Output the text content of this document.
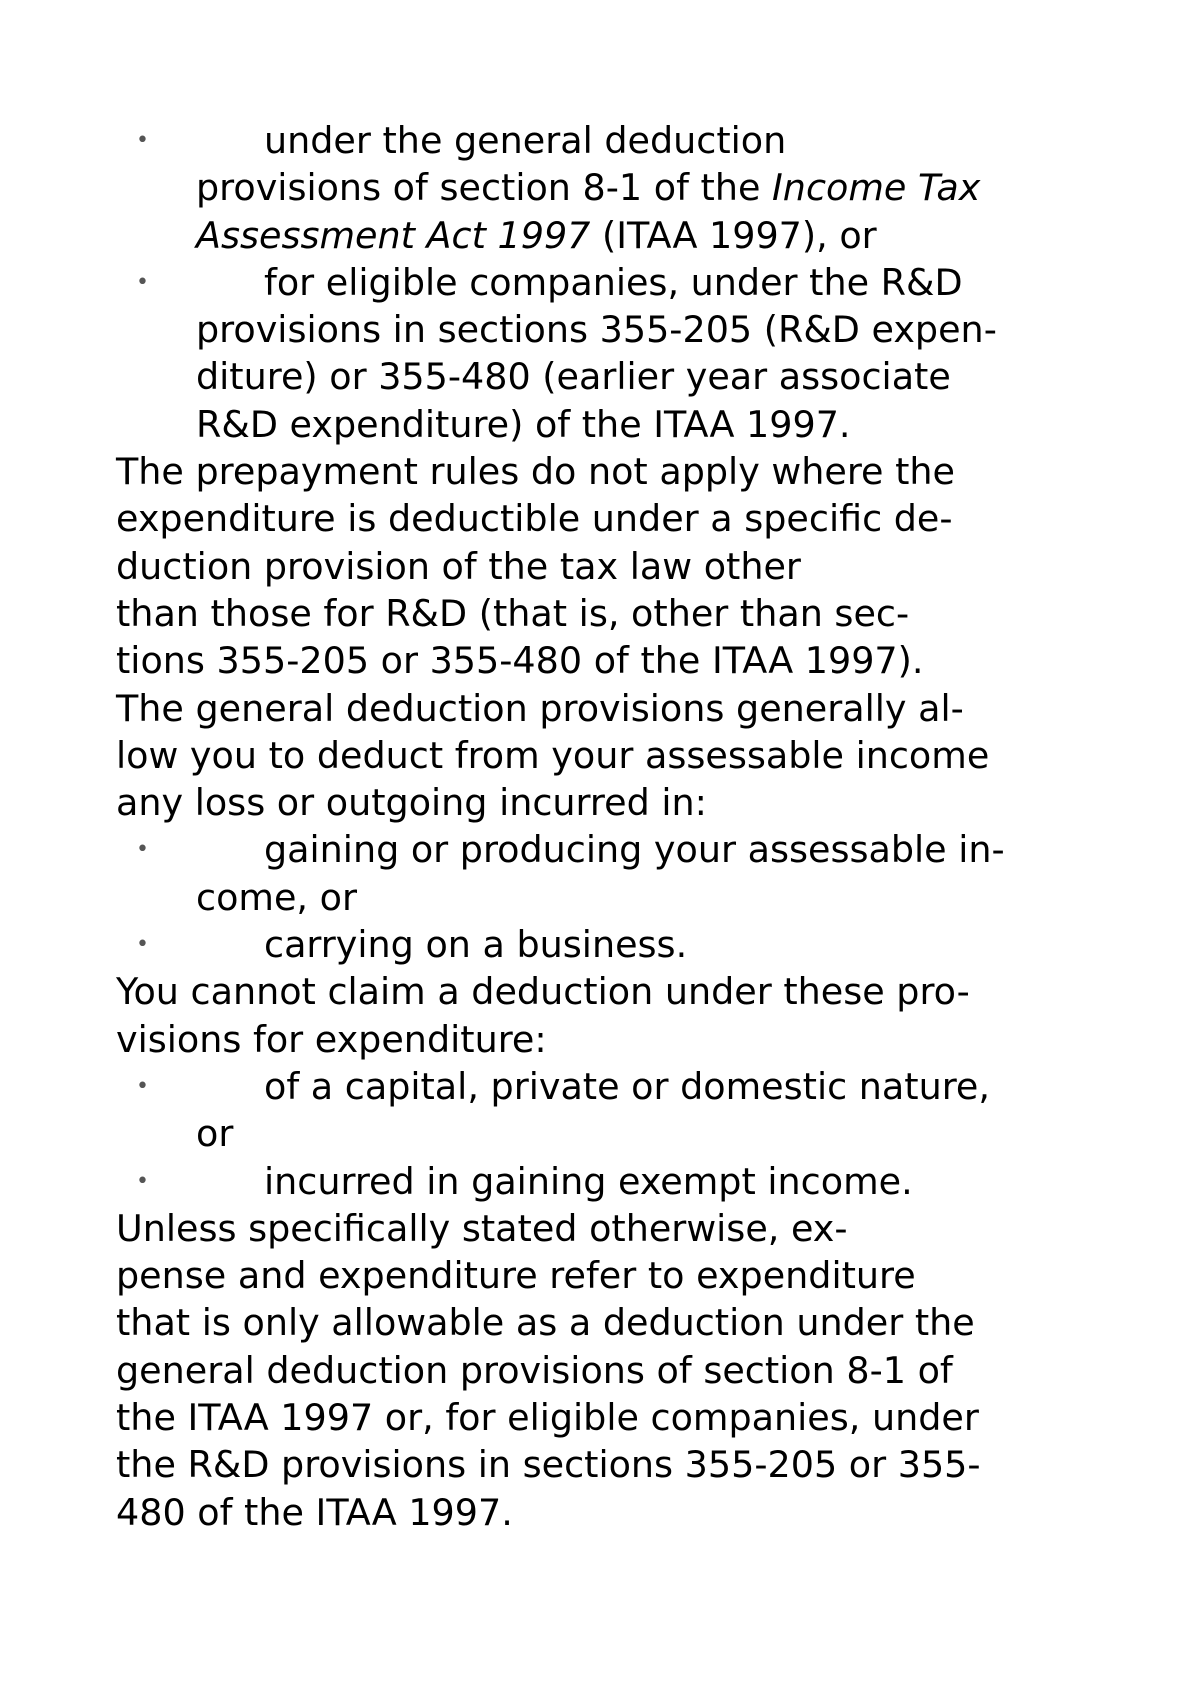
•	under the general deduction
provisions of section 8-1 of the Income Tax
Assessment Act 1997 (ITAA 1997), or
•	for eligible companies, under the R&D
provisions in sections 355-205 (R&D expen-
diture) or 355-480 (earlier year associate
R&D expenditure) of the ITAA 1997.
The prepayment rules do not apply where the
expenditure is deductible under a specific de-
duction provision of the tax law other
than those for R&D (that is, other than sec-
tions 355-205 or 355-480 of the ITAA 1997).
The general deduction provisions generally al-
low you to deduct from your assessable income
any loss or outgoing incurred in:
•	gaining or producing your assessable in-
come, or
•	carrying on a business.
You cannot claim a deduction under these pro-
visions for expenditure:
•	of a capital, private or domestic nature,
or
•	incurred in gaining exempt income.
Unless specifically stated otherwise, ex-
pense and expenditure refer to expenditure
that is only allowable as a deduction under the
general deduction provisions of section 8-1 of
the ITAA 1997 or, for eligible companies, under
the R&D provisions in sections 355-205 or 355-
480 of the ITAA 1997.
